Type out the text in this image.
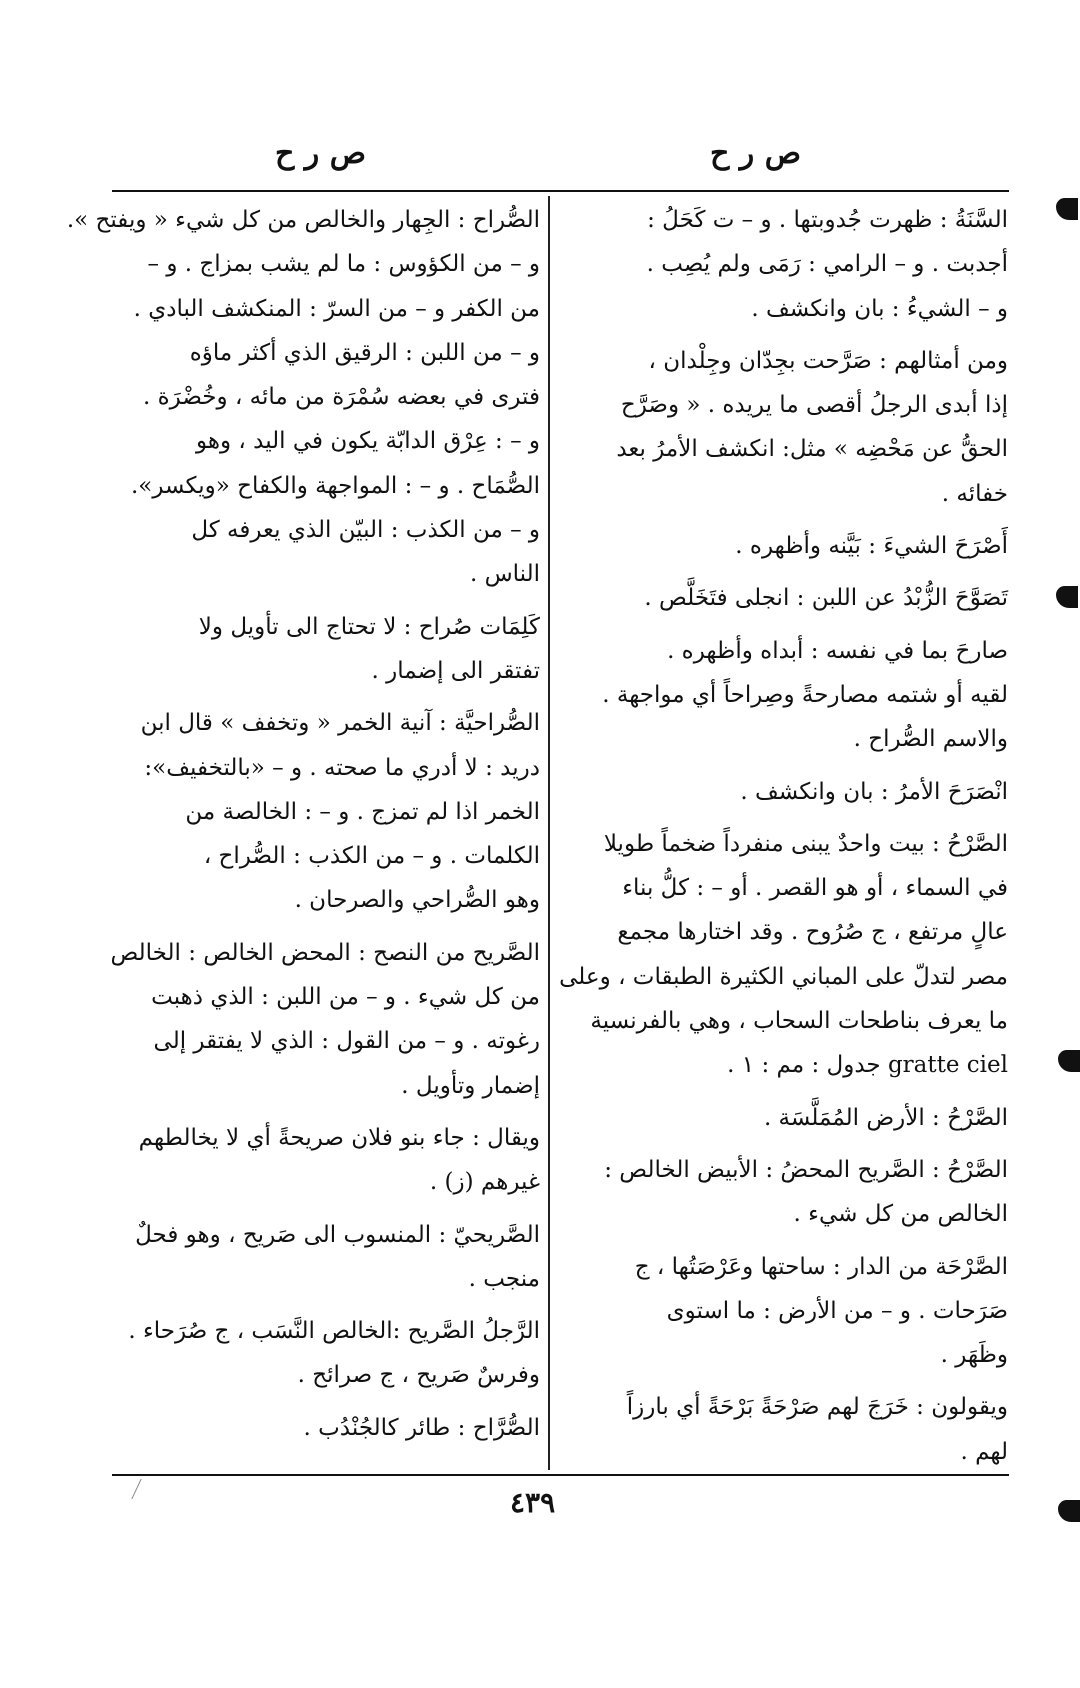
ص ر ح
ص ر ح
السَّنَةُ : ظهرت جُدوبتها . و – ت كَحَلُ :
أجدبت . و – الرامي : رَمَى ولم يُصِب .
و – الشيءُ : بان وانكشف .
ومن أمثالهم : صَرَّحت بجِدّان وجِلْدان ،
إذا أبدى الرجلُ أقصى ما يريده . « وصَرَّح
الحقُّ عن مَحْضِه » مثل: انكشف الأمرُ بعد
خفائه .
أَصْرَحَ الشيءَ : بَيَّنه وأظهره .
تَصَوَّحَ الزُّبْدُ عن اللبن : انجلى فتَخَلَّص .
صارحَ بما في نفسه : أبداه وأظهره .
لقيه أو شتمه مصارحةً وصِراحاً أي مواجهة .
والاسم الصُّراح .
انْصَرَحَ الأمرُ : بان وانكشف .
الصَّرْحُ : بيت واحدٌ يبنى منفرداً ضخماً طويلا
في السماء ، أو هو القصر . أو – : كلُّ بناء
عالٍ مرتفع ، ج صُرُوح . وقد اختارها مجمع
مصر لتدلّ على المباني الكثيرة الطبقات ، وعلى
ما يعرف بناطحات السحاب ، وهي بالفرنسية
gratte ciel جدول : مم : ١ .
الصَّرْحُ : الأرض المُمَلَّسَة .
الصَّرْحُ : الصَّريح المحضُ : الأبيض الخالص :
الخالص من كل شيء .
الصَّرْحَة من الدار : ساحتها وعَرْصَتُها ، ج
صَرَحات . و – من الأرض : ما استوى
وظَهَر .
ويقولون : خَرَجَ لهم صَرْحَةً بَرْحَةً أي بارزاً
لهم .
الصُّراح : الجِهار والخالص من كل شيء « ويفتح ».
و – من الكؤوس : ما لم يشب بمزاج . و –
من الكفر و – من السرّ : المنكشف البادي .
و – من اللبن : الرقيق الذي أكثر ماؤه
فترى في بعضه سُمْرَة من مائه ، وخُضْرَة .
و – : عِرْق الدابّة يكون في اليد ، وهو
الصُّمَاح . و – : المواجهة والكفاح «ويكسر».
و – من الكذب : البيّن الذي يعرفه كل
الناس .
كَلِمَات صُراح : لا تحتاج الى تأويل ولا
تفتقر الى إضمار .
الصُّراحيَّة : آنية الخمر « وتخفف » قال ابن
دريد : لا أدري ما صحته . و – «بالتخفيف»:
الخمر اذا لم تمزج . و – : الخالصة من
الكلمات . و – من الكذب : الصُّراح ،
وهو الصُّراحي والصرحان .
الصَّريح من النصح : المحض الخالص : الخالص
من كل شيء . و – من اللبن : الذي ذهبت
رغوته . و – من القول : الذي لا يفتقر إلى
إضمار وتأويل .
ويقال : جاء بنو فلان صريحةً أي لا يخالطهم
غيرهم (ز) .
الصَّريحيّ : المنسوب الى صَريح ، وهو فحلٌ
منجب .
الرَّجلُ الصَّريح :الخالص النَّسَب ، ج صُرَحاء .
وفرسٌ صَريح ، ج صرائح .
الصُّرَّاح : طائر كالجُنْدُب .
٤٣٩
